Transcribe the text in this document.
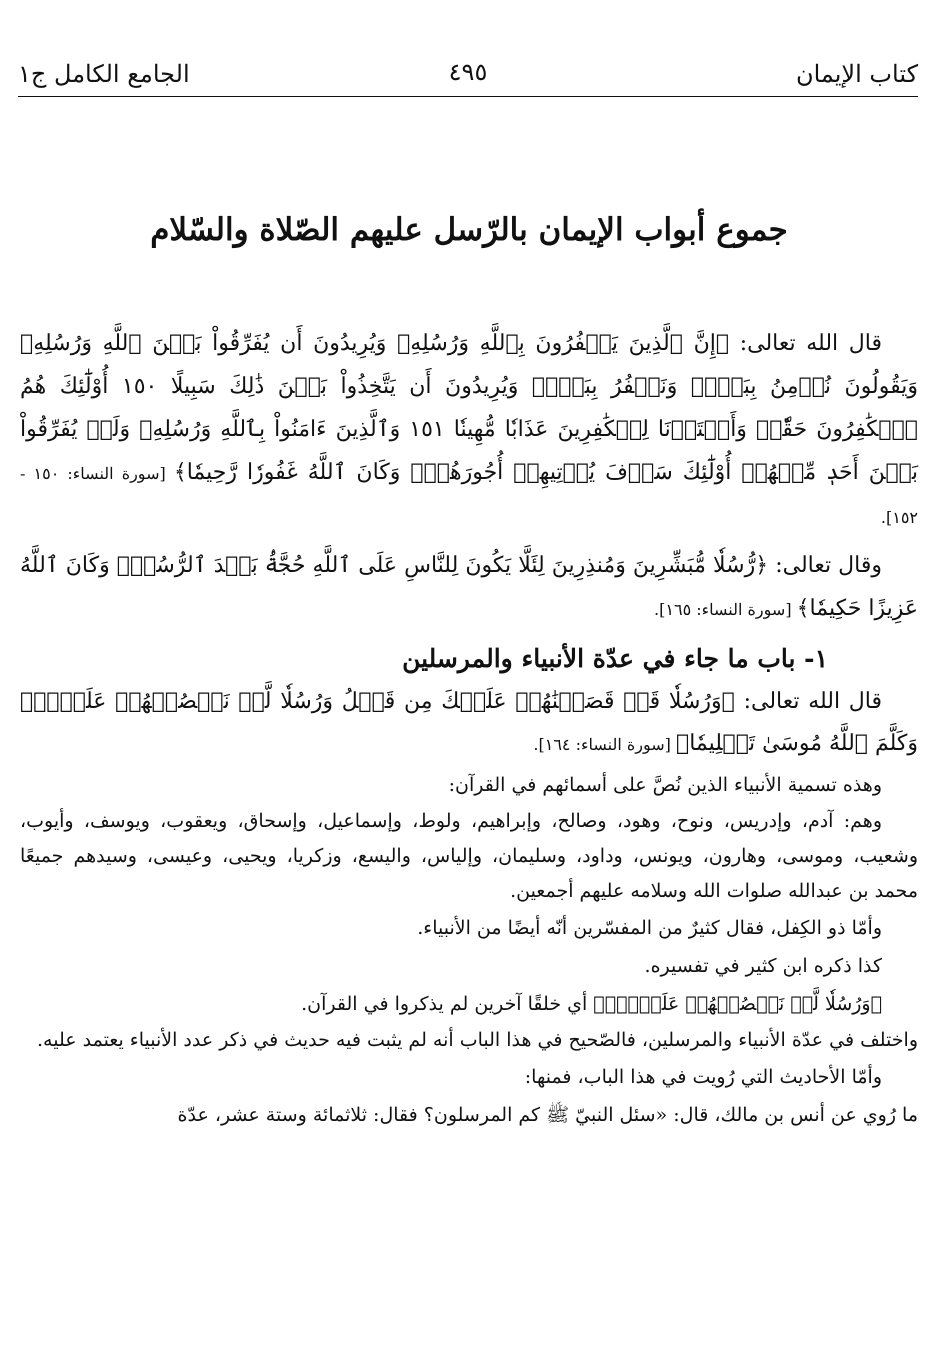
كتاب الإيمان
٤٩٥
الجامع الكامل ج١
جموع أبواب الإيمان بالرّسل عليهم الصّلاة والسّلام

قال الله تعالى: ﴿إِنَّ ٱلَّذِينَ يَكۡفُرُونَ بِٱللَّهِ وَرُسُلِهِۦ وَيُرِيدُونَ أَن يُفَرِّقُواْ بَيۡنَ ٱللَّهِ وَرُسُلِهِۦ وَيَقُولُونَ نُؤۡمِنُ بِبَعۡضٖ وَنَكۡفُرُ بِبَعۡضٖ وَيُرِيدُونَ أَن يَتَّخِذُواْ بَيۡنَ ذَٰلِكَ سَبِيلًا ١٥٠ أُوْلَٰٓئِكَ هُمُ ٱلۡكَٰفِرُونَ حَقّٗاۚ وَأَعۡتَدۡنَا لِلۡكَٰفِرِينَ عَذَابٗا مُّهِينٗا ١٥١ وَٱلَّذِينَ ءَامَنُواْ بِٱللَّهِ وَرُسُلِهِۦ وَلَمۡ يُفَرِّقُواْ بَيۡنَ أَحَدٖ مِّنۡهُمۡ أُوْلَٰٓئِكَ سَوۡفَ يُؤۡتِيهِمۡ أُجُورَهُمۡۚ وَكَانَ ٱللَّهُ غَفُورٗا رَّحِيمٗا﴾ [سورة النساء: ١٥٠ - ١٥٢].

وقال تعالى: ﴿رُّسُلٗا مُّبَشِّرِينَ وَمُنذِرِينَ لِئَلَّا يَكُونَ لِلنَّاسِ عَلَى ٱللَّهِ حُجَّةُۢ بَعۡدَ ٱلرُّسُلِۚ وَكَانَ ٱللَّهُ عَزِيزًا حَكِيمٗا﴾ [سورة النساء: ١٦٥].

١- باب ما جاء في عدّة الأنبياء والمرسلين

قال الله تعالى: ﴿وَرُسُلٗا قَدۡ قَصَصۡنَٰهُمۡ عَلَيۡكَ مِن قَبۡلُ وَرُسُلٗا لَّمۡ نَقۡصُصۡهُمۡ عَلَيۡكَۚ وَكَلَّمَ ٱللَّهُ مُوسَىٰ تَكۡلِيمٗا﴾ [سورة النساء: ١٦٤].

وهذه تسمية الأنبياء الذين نُصَّ على أسمائهم في القرآن:

وهم: آدم، وإدريس، ونوح، وهود، وصالح، وإبراهيم، ولوط، وإسماعيل، وإسحاق، ويعقوب، ويوسف، وأيوب، وشعيب، وموسى، وهارون، ويونس، وداود، وسليمان، وإلياس، واليسع، وزكريا، ويحيى، وعيسى، وسيدهم جميعًا محمد بن عبدالله صلوات الله وسلامه عليهم أجمعين.

وأمّا ذو الكِفل، فقال كثيرٌ من المفسّرين أنّه أيضًا من الأنبياء.

كذا ذكره ابن كثير في تفسيره.

﴿وَرُسُلٗا لَّمۡ نَقۡصُصۡهُمۡ عَلَيۡكَۚ﴾ أي خلقًا آخرين لم يذكروا في القرآن.

واختلف في عدّة الأنبياء والمرسلين، فالصّحيح في هذا الباب أنه لم يثبت فيه حديث في ذكر عدد الأنبياء يعتمد عليه.

وأمّا الأحاديث التي رُويت في هذا الباب، فمنها:

ما رُوي عن أنس بن مالك، قال: «سئل النبيّ ﷺ كم المرسلون؟ فقال: ثلاثمائة وستة عشر، عدّة
